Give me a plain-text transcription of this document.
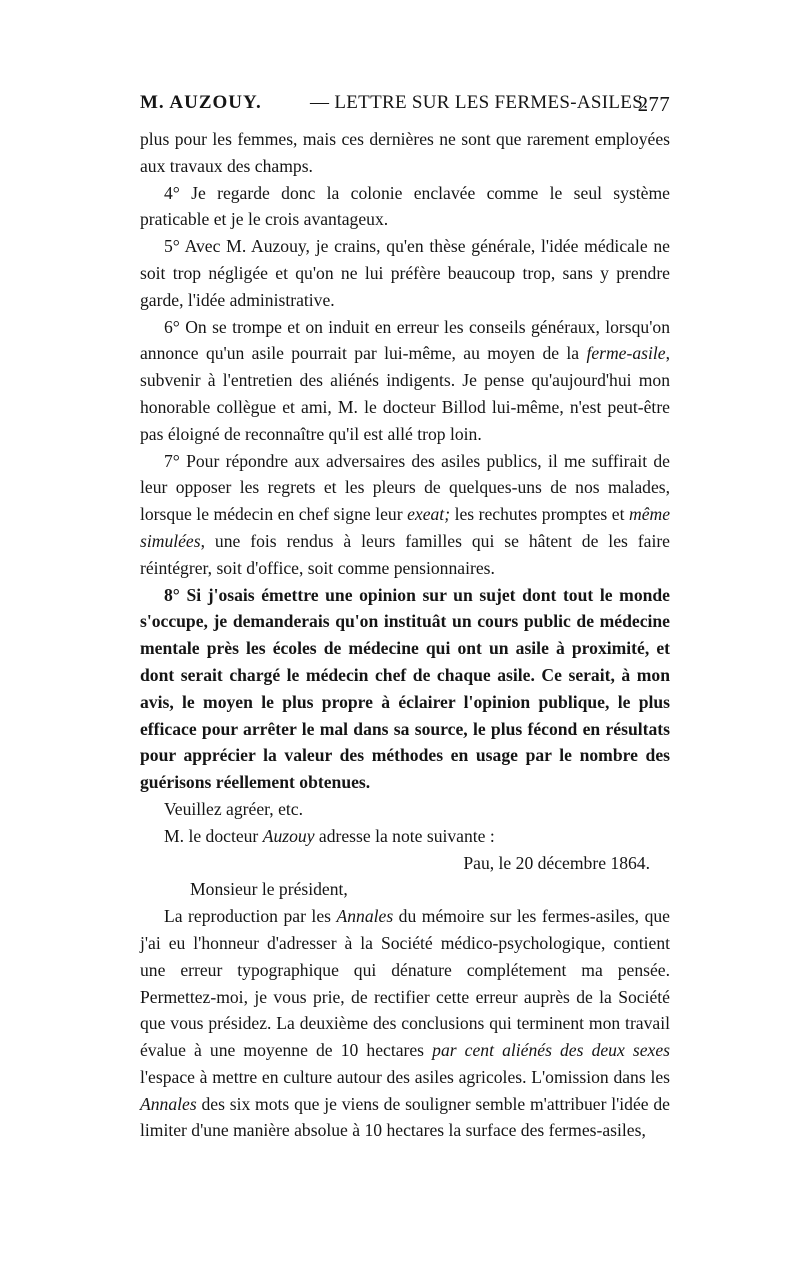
M. AUZOUY.	— LETTRE SUR LES FERMES-ASILES.
277

plus pour les femmes, mais ces dernières ne sont que rarement employées aux travaux des champs.

4° Je regarde donc la colonie enclavée comme le seul système praticable et je le crois avantageux.

5° Avec M. Auzouy, je crains, qu'en thèse générale, l'idée médicale ne soit trop négligée et qu'on ne lui préfère beaucoup trop, sans y prendre garde, l'idée administrative.

6° On se trompe et on induit en erreur les conseils généraux, lorsqu'on annonce qu'un asile pourrait par lui-même, au moyen de la ferme-asile, subvenir à l'entretien des aliénés indigents. Je pense qu'aujourd'hui mon honorable collègue et ami, M. le docteur Billod lui-même, n'est peut-être pas éloigné de reconnaître qu'il est allé trop loin.

7° Pour répondre aux adversaires des asiles publics, il me suffirait de leur opposer les regrets et les pleurs de quelques-uns de nos malades, lorsque le médecin en chef signe leur exeat; les rechutes promptes et même simulées, une fois rendus à leurs familles qui se hâtent de les faire réintégrer, soit d'office, soit comme pensionnaires.

8° Si j'osais émettre une opinion sur un sujet dont tout le monde s'occupe, je demanderais qu'on instituât un cours public de médecine mentale près les écoles de médecine qui ont un asile à proximité, et dont serait chargé le médecin chef de chaque asile. Ce serait, à mon avis, le moyen le plus propre à éclairer l'opinion publique, le plus efficace pour arrêter le mal dans sa source, le plus fécond en résultats pour apprécier la valeur des méthodes en usage par le nombre des guérisons réellement obtenues.

Veuillez agréer, etc.

M. le docteur Auzouy adresse la note suivante :

Pau, le 20 décembre 1864.

Monsieur le président,

La reproduction par les Annales du mémoire sur les fermes-asiles, que j'ai eu l'honneur d'adresser à la Société médico-psychologique, contient une erreur typographique qui dénature complétement ma pensée. Permettez-moi, je vous prie, de rectifier cette erreur auprès de la Société que vous présidez. La deuxième des conclusions qui terminent mon travail évalue à une moyenne de 10 hectares par cent aliénés des deux sexes l'espace à mettre en culture autour des asiles agricoles. L'omission dans les Annales des six mots que je viens de souligner semble m'attribuer l'idée de limiter d'une manière absolue à 10 hectares la surface des fermes-asiles,
